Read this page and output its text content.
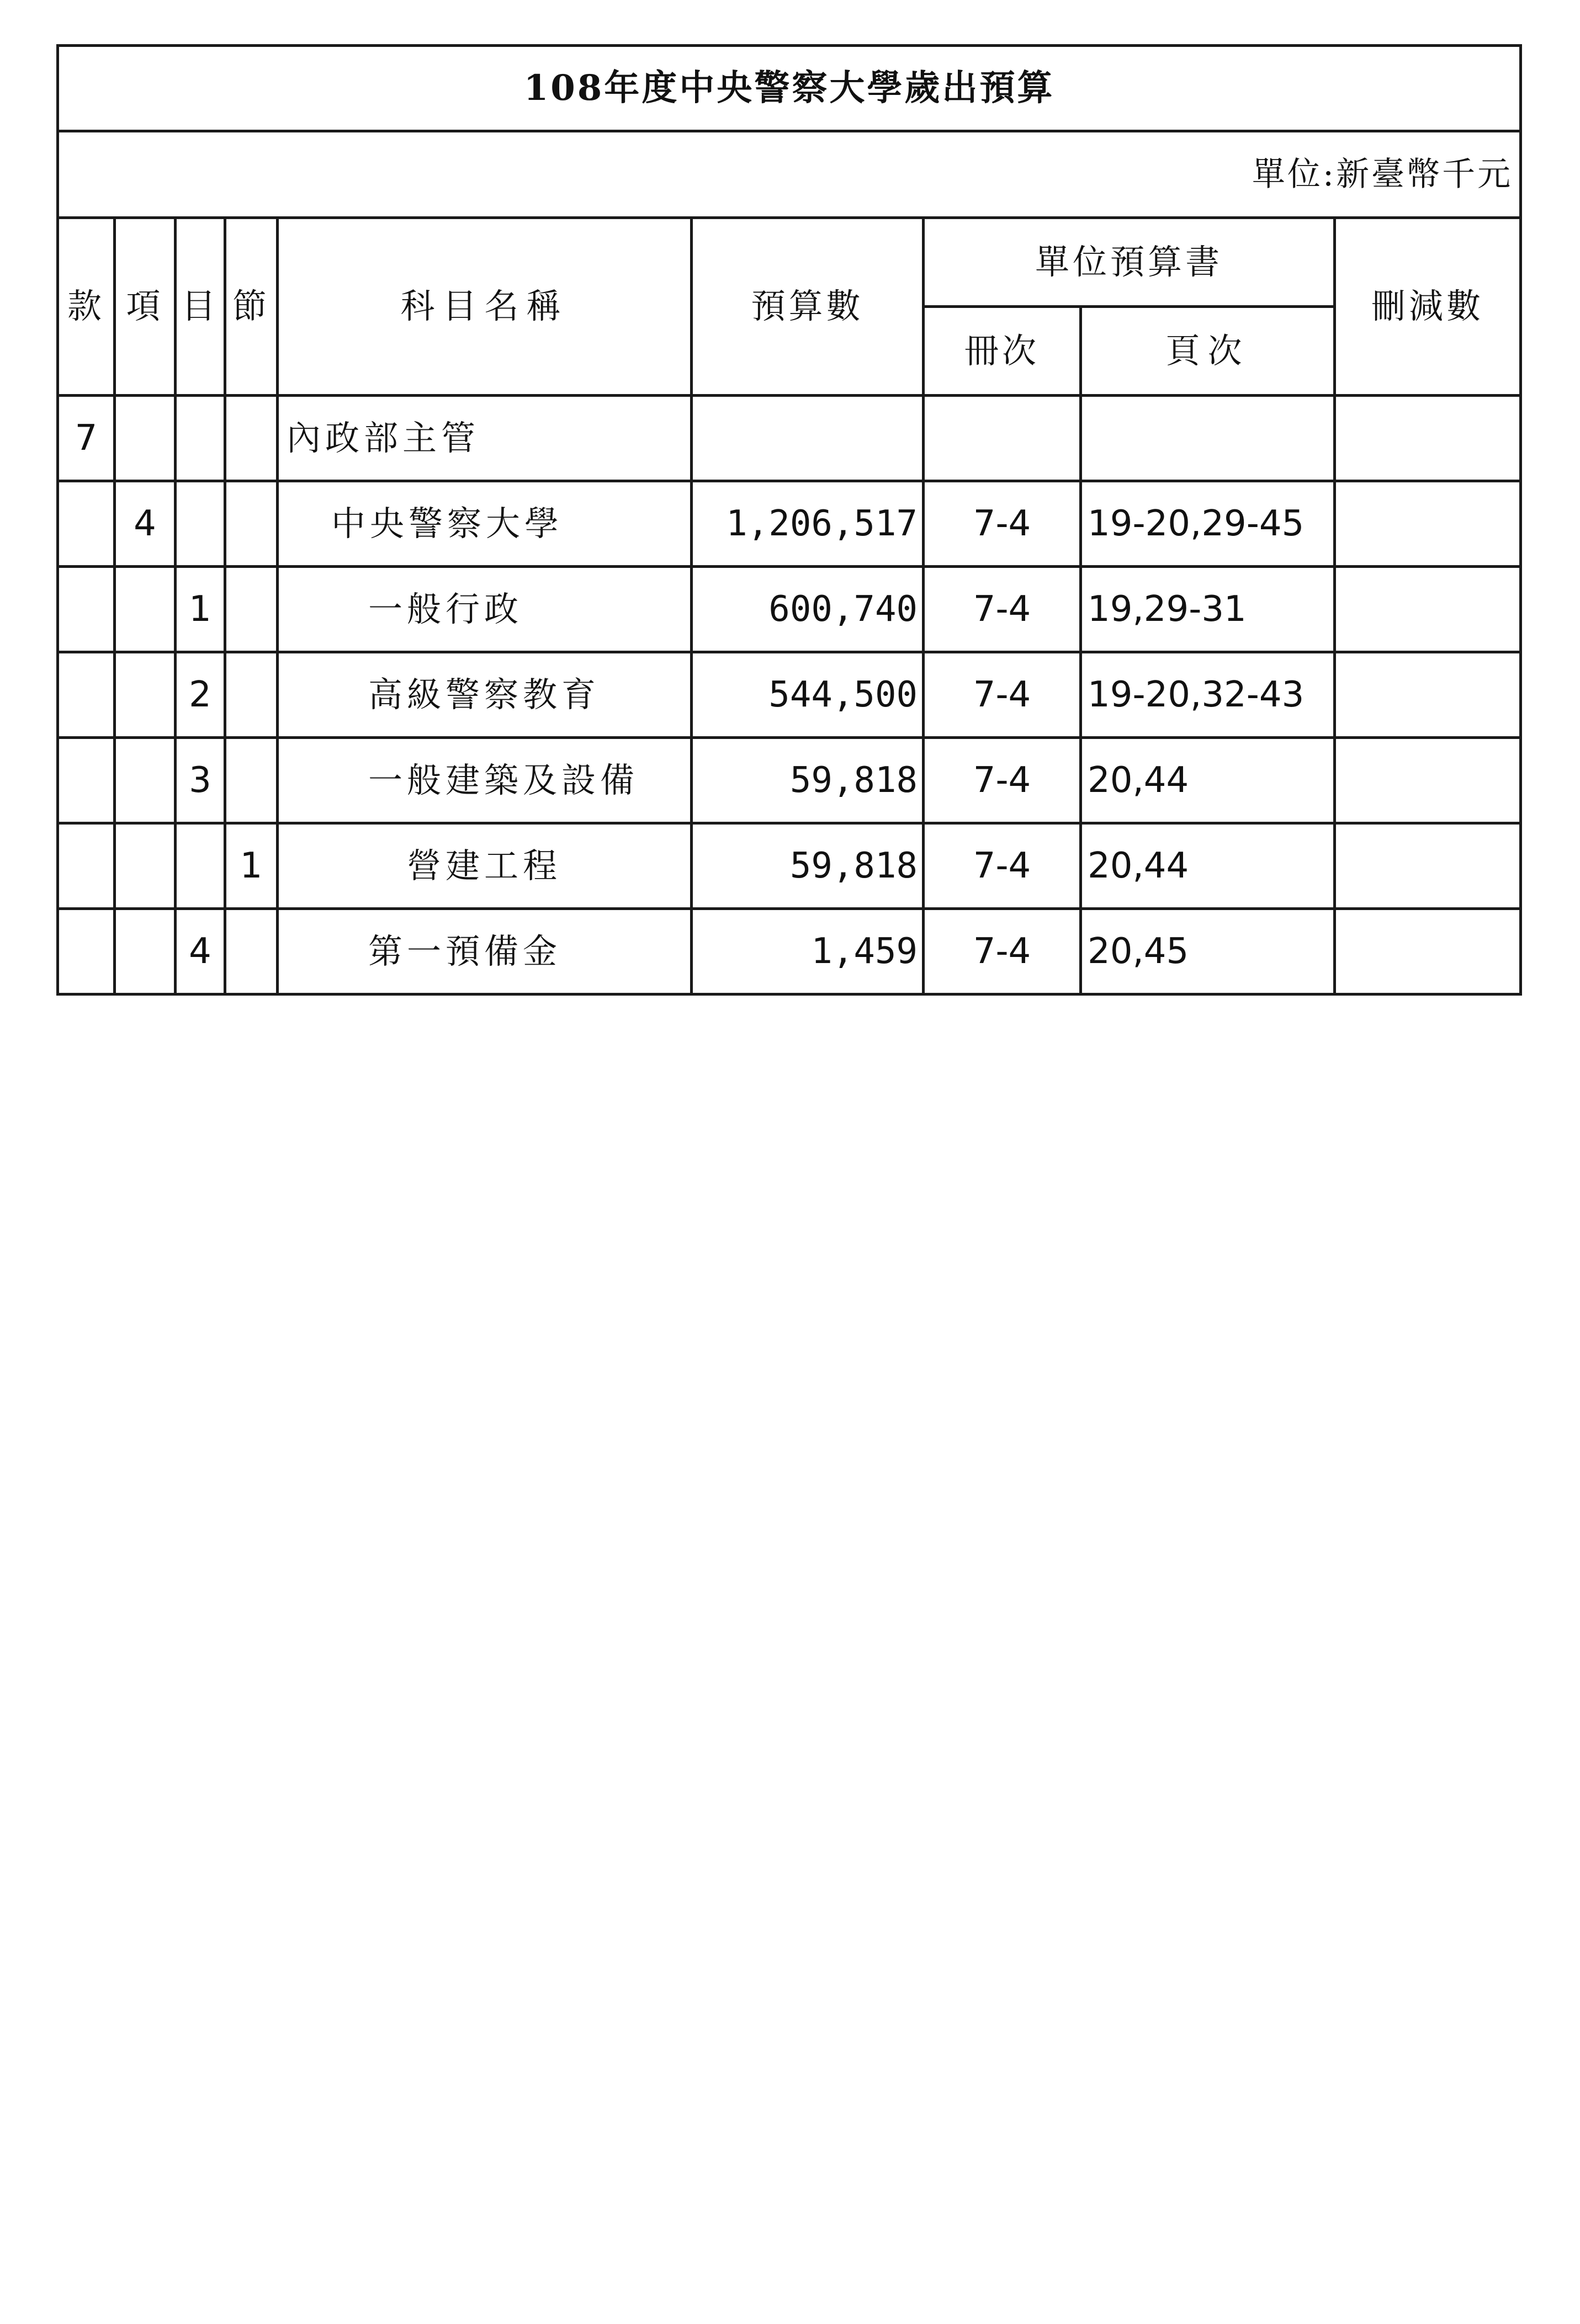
108年度中央警察大學歲出預算								
單位:新臺幣千元								
款	項	目	節	科目名稱	預算數	單位預算書		刪減數
						冊次	頁次	
7				內政部主管				
	4			中央警察大學	1,206,517	7-4	19-20,29-45	
		1		一般行政	600,740	7-4	19,29-31	
		2		高級警察教育	544,500	7-4	19-20,32-43	
		3		一般建築及設備	59,818	7-4	20,44	
			1	營建工程	59,818	7-4	20,44	
		4		第一預備金	1,459	7-4	20,45	
